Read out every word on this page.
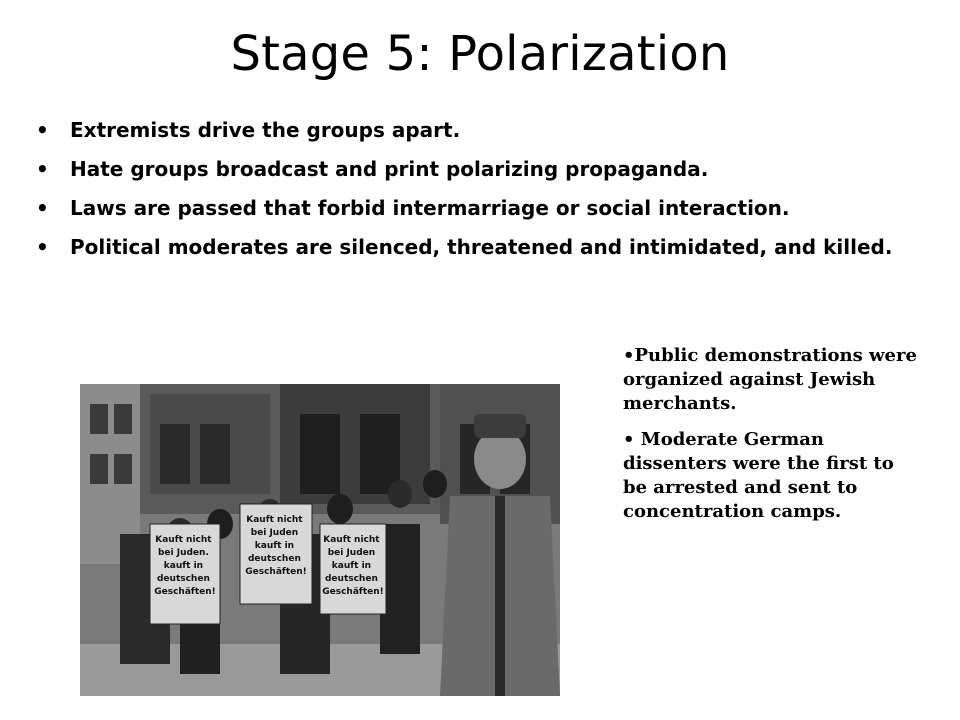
Stage 5: Polarization
• Extremists drive the groups apart.
• Hate groups broadcast and print polarizing propaganda.
• Laws are passed that forbid intermarriage or social interaction.
• Political moderates are silenced, threatened and intimidated, and killed.
Kauft nicht bei Juden. kauft in deutschen Geschäften!
Kauft nicht bei Juden kauft in deutschen Geschäften!
Kauft nicht bei Juden kauft in deutschen Geschäften!

•Public demonstrations were organized against Jewish merchants.

• Moderate German dissenters were the first to be arrested and sent to concentration camps.
